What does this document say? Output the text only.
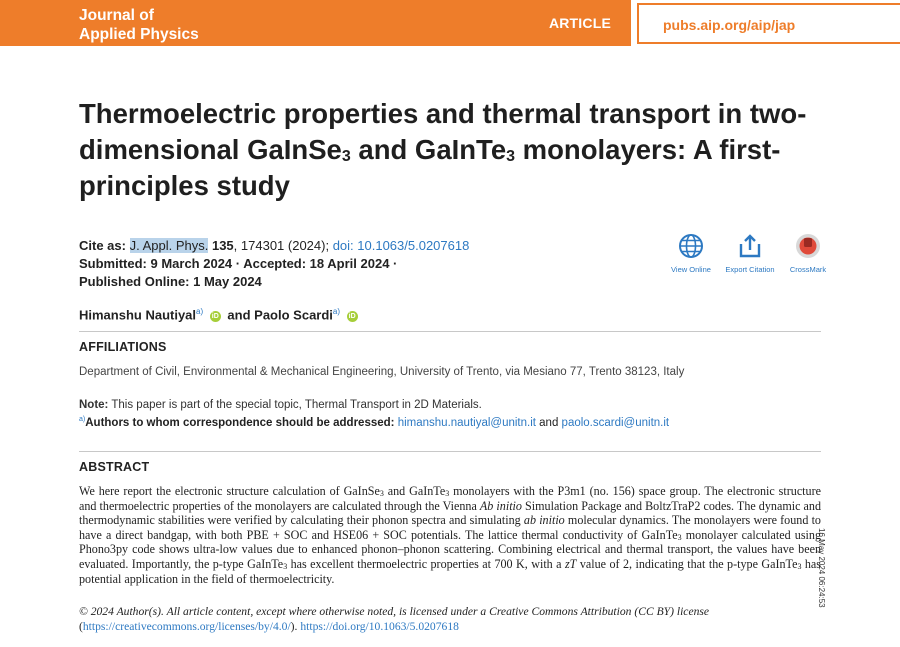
Journal of
Applied Physics
ARTICLE	pubs.aip.org/aip/jap
Thermoelectric properties and thermal transport in two-dimensional GaInSe$_3$ and GaInTe$_3$ monolayers: A first-principles study
Cite as: J. Appl. Phys. 135, 174301 (2024); doi: 10.1063/5.0207618
Submitted: 9 March 2024 · Accepted: 18 April 2024 ·
Published Online: 1 May 2024
View Online	Export Citation	CrossMark
Himanshu Nautiyal$^{a)}$ iD and Paolo Scardi$^{a)}$ iD
AFFILIATIONS
Department of Civil, Environmental & Mechanical Engineering, University of Trento, via Mesiano 77, Trento 38123, Italy
Note: This paper is part of the special topic, Thermal Transport in 2D Materials.
$^{a)}$Authors to whom correspondence should be addressed: himanshu.nautiyal@unitn.it and paolo.scardi@unitn.it
ABSTRACT

We here report the electronic structure calculation of GaInSe$_3$ and GaInTe$_3$ monolayers with the P3m1 (no. 156) space group. The electronic structure and thermoelectric properties of the monolayers are calculated through the Vienna Ab initio Simulation Package and BoltzTraP2 codes. The dynamic and thermodynamic stabilities were verified by calculating their phonon spectra and simulating ab initio molecular dynamics. The monolayers were found to have a direct bandgap, with both PBE + SOC and HSE06 + SOC potentials. The lattice thermal conductivity of GaInTe$_3$ monolayer calculated using Phono3py code shows ultra-low values due to enhanced phonon–phonon scattering. Combining electrical and thermal transport, the values have been evaluated. Importantly, the p-type GaInTe$_3$ has excellent thermoelectric properties at 700 K, with a zT value of 2, indicating that the p-type GaInTe$_3$ has potential application in the field of thermoelectricity.

© 2024 Author(s). All article content, except where otherwise noted, is licensed under a Creative Commons Attribution (CC BY) license (https://creativecommons.org/licenses/by/4.0/). https://doi.org/10.1063/5.0207618

16 May 2024 06:24:53
